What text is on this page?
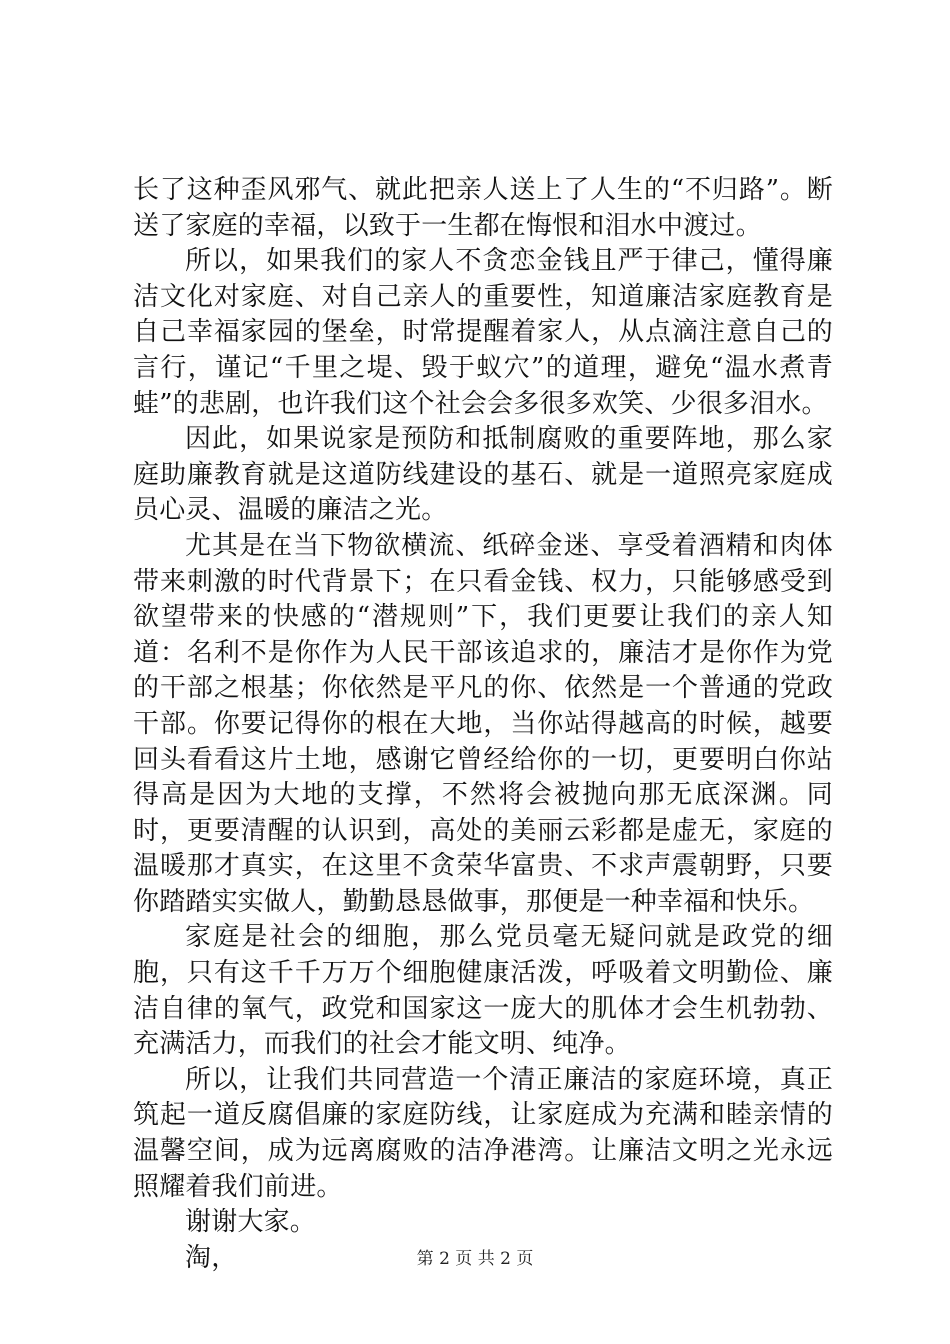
长了这种歪风邪气、就此把亲人送上了人生的“不归路”。断送了家庭的幸福，以致于一生都在悔恨和泪水中渡过。

所以，如果我们的家人不贪恋金钱且严于律己，懂得廉洁文化对家庭、对自己亲人的重要性，知道廉洁家庭教育是自己幸福家园的堡垒，时常提醒着家人，从点滴注意自己的言行，谨记“千里之堤、毁于蚁穴”的道理，避免“温水煮青蛙”的悲剧，也许我们这个社会会多很多欢笑、少很多泪水。

因此，如果说家是预防和抵制腐败的重要阵地，那么家庭助廉教育就是这道防线建设的基石、就是一道照亮家庭成员心灵、温暖的廉洁之光。

尤其是在当下物欲横流、纸碎金迷、享受着酒精和肉体带来刺激的时代背景下；在只看金钱、权力，只能够感受到欲望带来的快感的“潜规则”下，我们更要让我们的亲人知道：名利不是你作为人民干部该追求的，廉洁才是你作为党的干部之根基；你依然是平凡的你、依然是一个普通的党政干部。你要记得你的根在大地，当你站得越高的时候，越要回头看看这片土地，感谢它曾经给你的一切，更要明白你站得高是因为大地的支撑，不然将会被抛向那无底深渊。同时，更要清醒的认识到，高处的美丽云彩都是虚无，家庭的温暖那才真实，在这里不贪荣华富贵、不求声震朝野，只要你踏踏实实做人，勤勤恳恳做事，那便是一种幸福和快乐。

家庭是社会的细胞，那么党员毫无疑问就是政党的细胞，只有这千千万万个细胞健康活泼，呼吸着文明勤俭、廉洁自律的氧气，政党和国家这一庞大的肌体才会生机勃勃、充满活力，而我们的社会才能文明、纯净。

所以，让我们共同营造一个清正廉洁的家庭环境，真正筑起一道反腐倡廉的家庭防线，让家庭成为充满和睦亲情的温馨空间，成为远离腐败的洁净港湾。让廉洁文明之光永远照耀着我们前进。

谢谢大家。

淘，	第 2 页 共 2 页
